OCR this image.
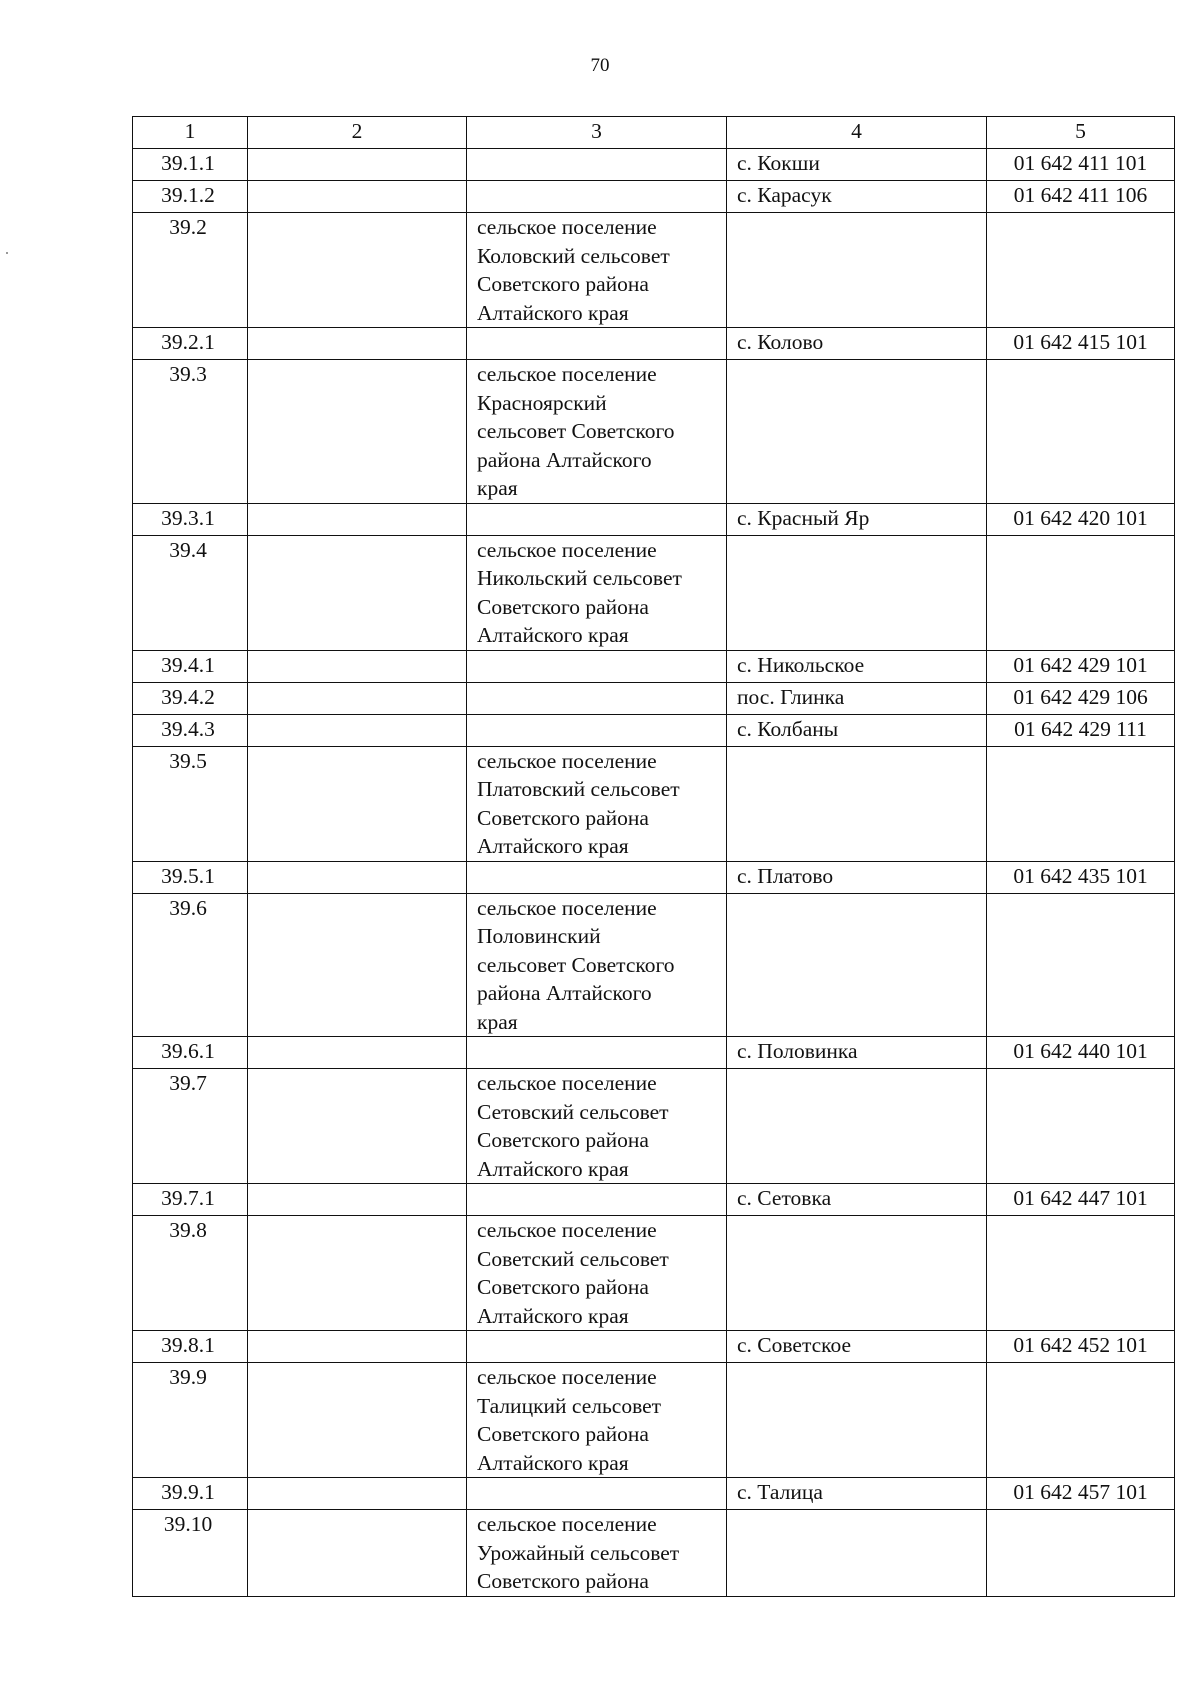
70
1	2	3	4	5
39.1.1			с. Кокши	01 642 411 101
39.1.2			с. Карасук	01 642 411 106
39.2		сельское поселение
Коловский сельсовет
Советского района
Алтайского края		

39.2.1			с. Колово	01 642 415 101
39.3		сельское поселение
Красноярский
сельсовет Советского
района Алтайского
края		

39.3.1			с. Красный Яр	01 642 420 101
39.4		сельское поселение
Никольский сельсовет
Советского района
Алтайского края		

39.4.1			с. Никольское	01 642 429 101
39.4.2			пос. Глинка	01 642 429 106
39.4.3			с. Колбаны	01 642 429 111
39.5		сельское поселение
Платовский сельсовет
Советского района
Алтайского края		

39.5.1			с. Платово	01 642 435 101
39.6		сельское поселение
Половинский
сельсовет Советского
района Алтайского
края		

39.6.1			с. Половинка	01 642 440 101
39.7		сельское поселение
Сетовский сельсовет
Советского района
Алтайского края		

39.7.1			с. Сетовка	01 642 447 101
39.8		сельское поселение
Советский сельсовет
Советского района
Алтайского края		

39.8.1			с. Советское	01 642 452 101
39.9		сельское поселение
Талицкий сельсовет
Советского района
Алтайского края		

39.9.1			с. Талица	01 642 457 101
39.10		сельское поселение
Урожайный сельсовет
Советского района		
